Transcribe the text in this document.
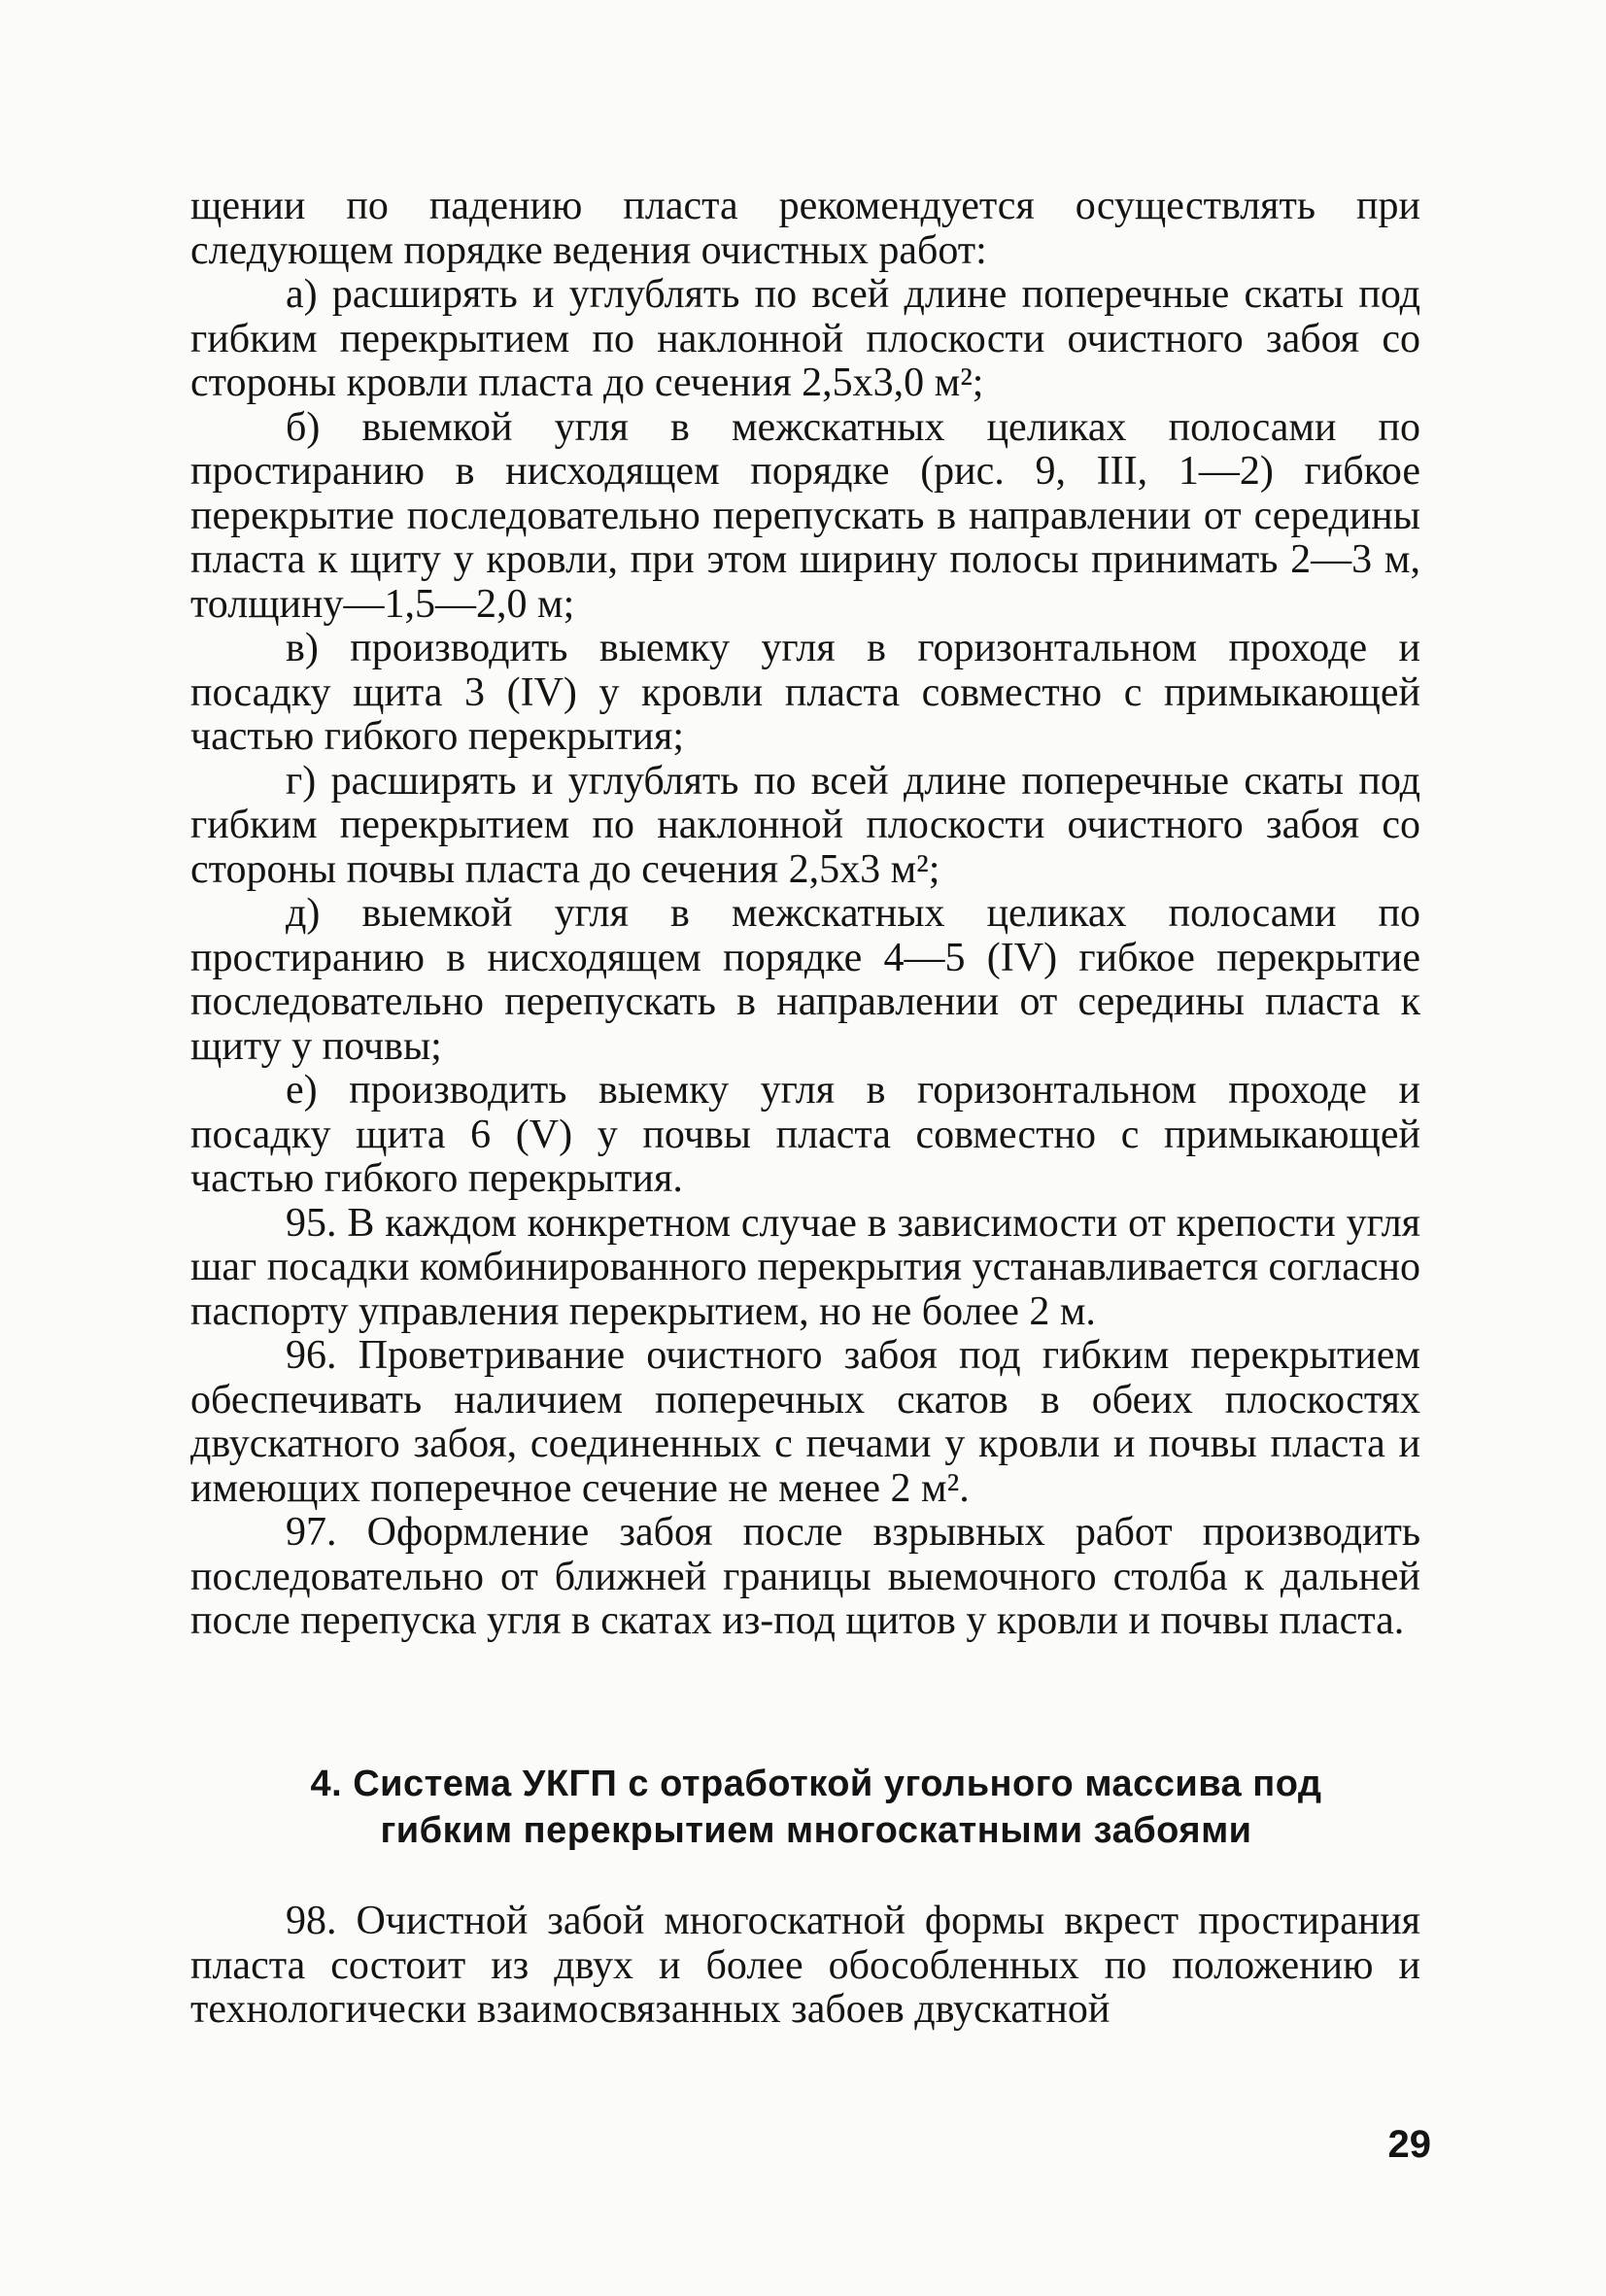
щении по падению пласта рекомендуется осуществлять при следующем порядке ведения очистных работ:

а) расширять и углублять по всей длине поперечные скаты под гибким перекрытием по наклонной плоскости очистного забоя со стороны кровли пласта до сечения 2,5х3,0 м²;

б) выемкой угля в межскатных целиках полосами по простиранию в нисходящем порядке (рис. 9, III, 1—2) гибкое перекрытие последовательно перепускать в направлении от середины пласта к щиту у кровли, при этом ширину полосы принимать 2—3 м, толщину—1,5—2,0 м;

в) производить выемку угля в горизонтальном проходе и посадку щита 3 (IV) у кровли пласта совместно с примыкающей частью гибкого перекрытия;

г) расширять и углублять по всей длине поперечные скаты под гибким перекрытием по наклонной плоскости очистного забоя со стороны почвы пласта до сечения 2,5х3 м²;

д) выемкой угля в межскатных целиках полосами по простиранию в нисходящем порядке 4—5 (IV) гибкое перекрытие последовательно перепускать в направлении от середины пласта к щиту у почвы;

е) производить выемку угля в горизонтальном проходе и посадку щита 6 (V) у почвы пласта совместно с примыкающей частью гибкого перекрытия.

95. В каждом конкретном случае в зависимости от крепости угля шаг посадки комбинированного перекрытия устанавливается согласно паспорту управления перекрытием, но не более 2 м.

96. Проветривание очистного забоя под гибким перекрытием обеспечивать наличием поперечных скатов в обеих плоскостях двускатного забоя, соединенных с печами у кровли и почвы пласта и имеющих поперечное сечение не менее 2 м².

97. Оформление забоя после взрывных работ производить последовательно от ближней границы выемочного столба к дальней после перепуска угля в скатах из-под щитов у кровли и почвы пласта.

4. Система УКГП с отработкой угольного массива под
гибким перекрытием многоскатными забоями

98. Очистной забой многоскатной формы вкрест простирания пласта состоит из двух и более обособленных по положению и технологически взаимосвязанных забоев двускатной

29
